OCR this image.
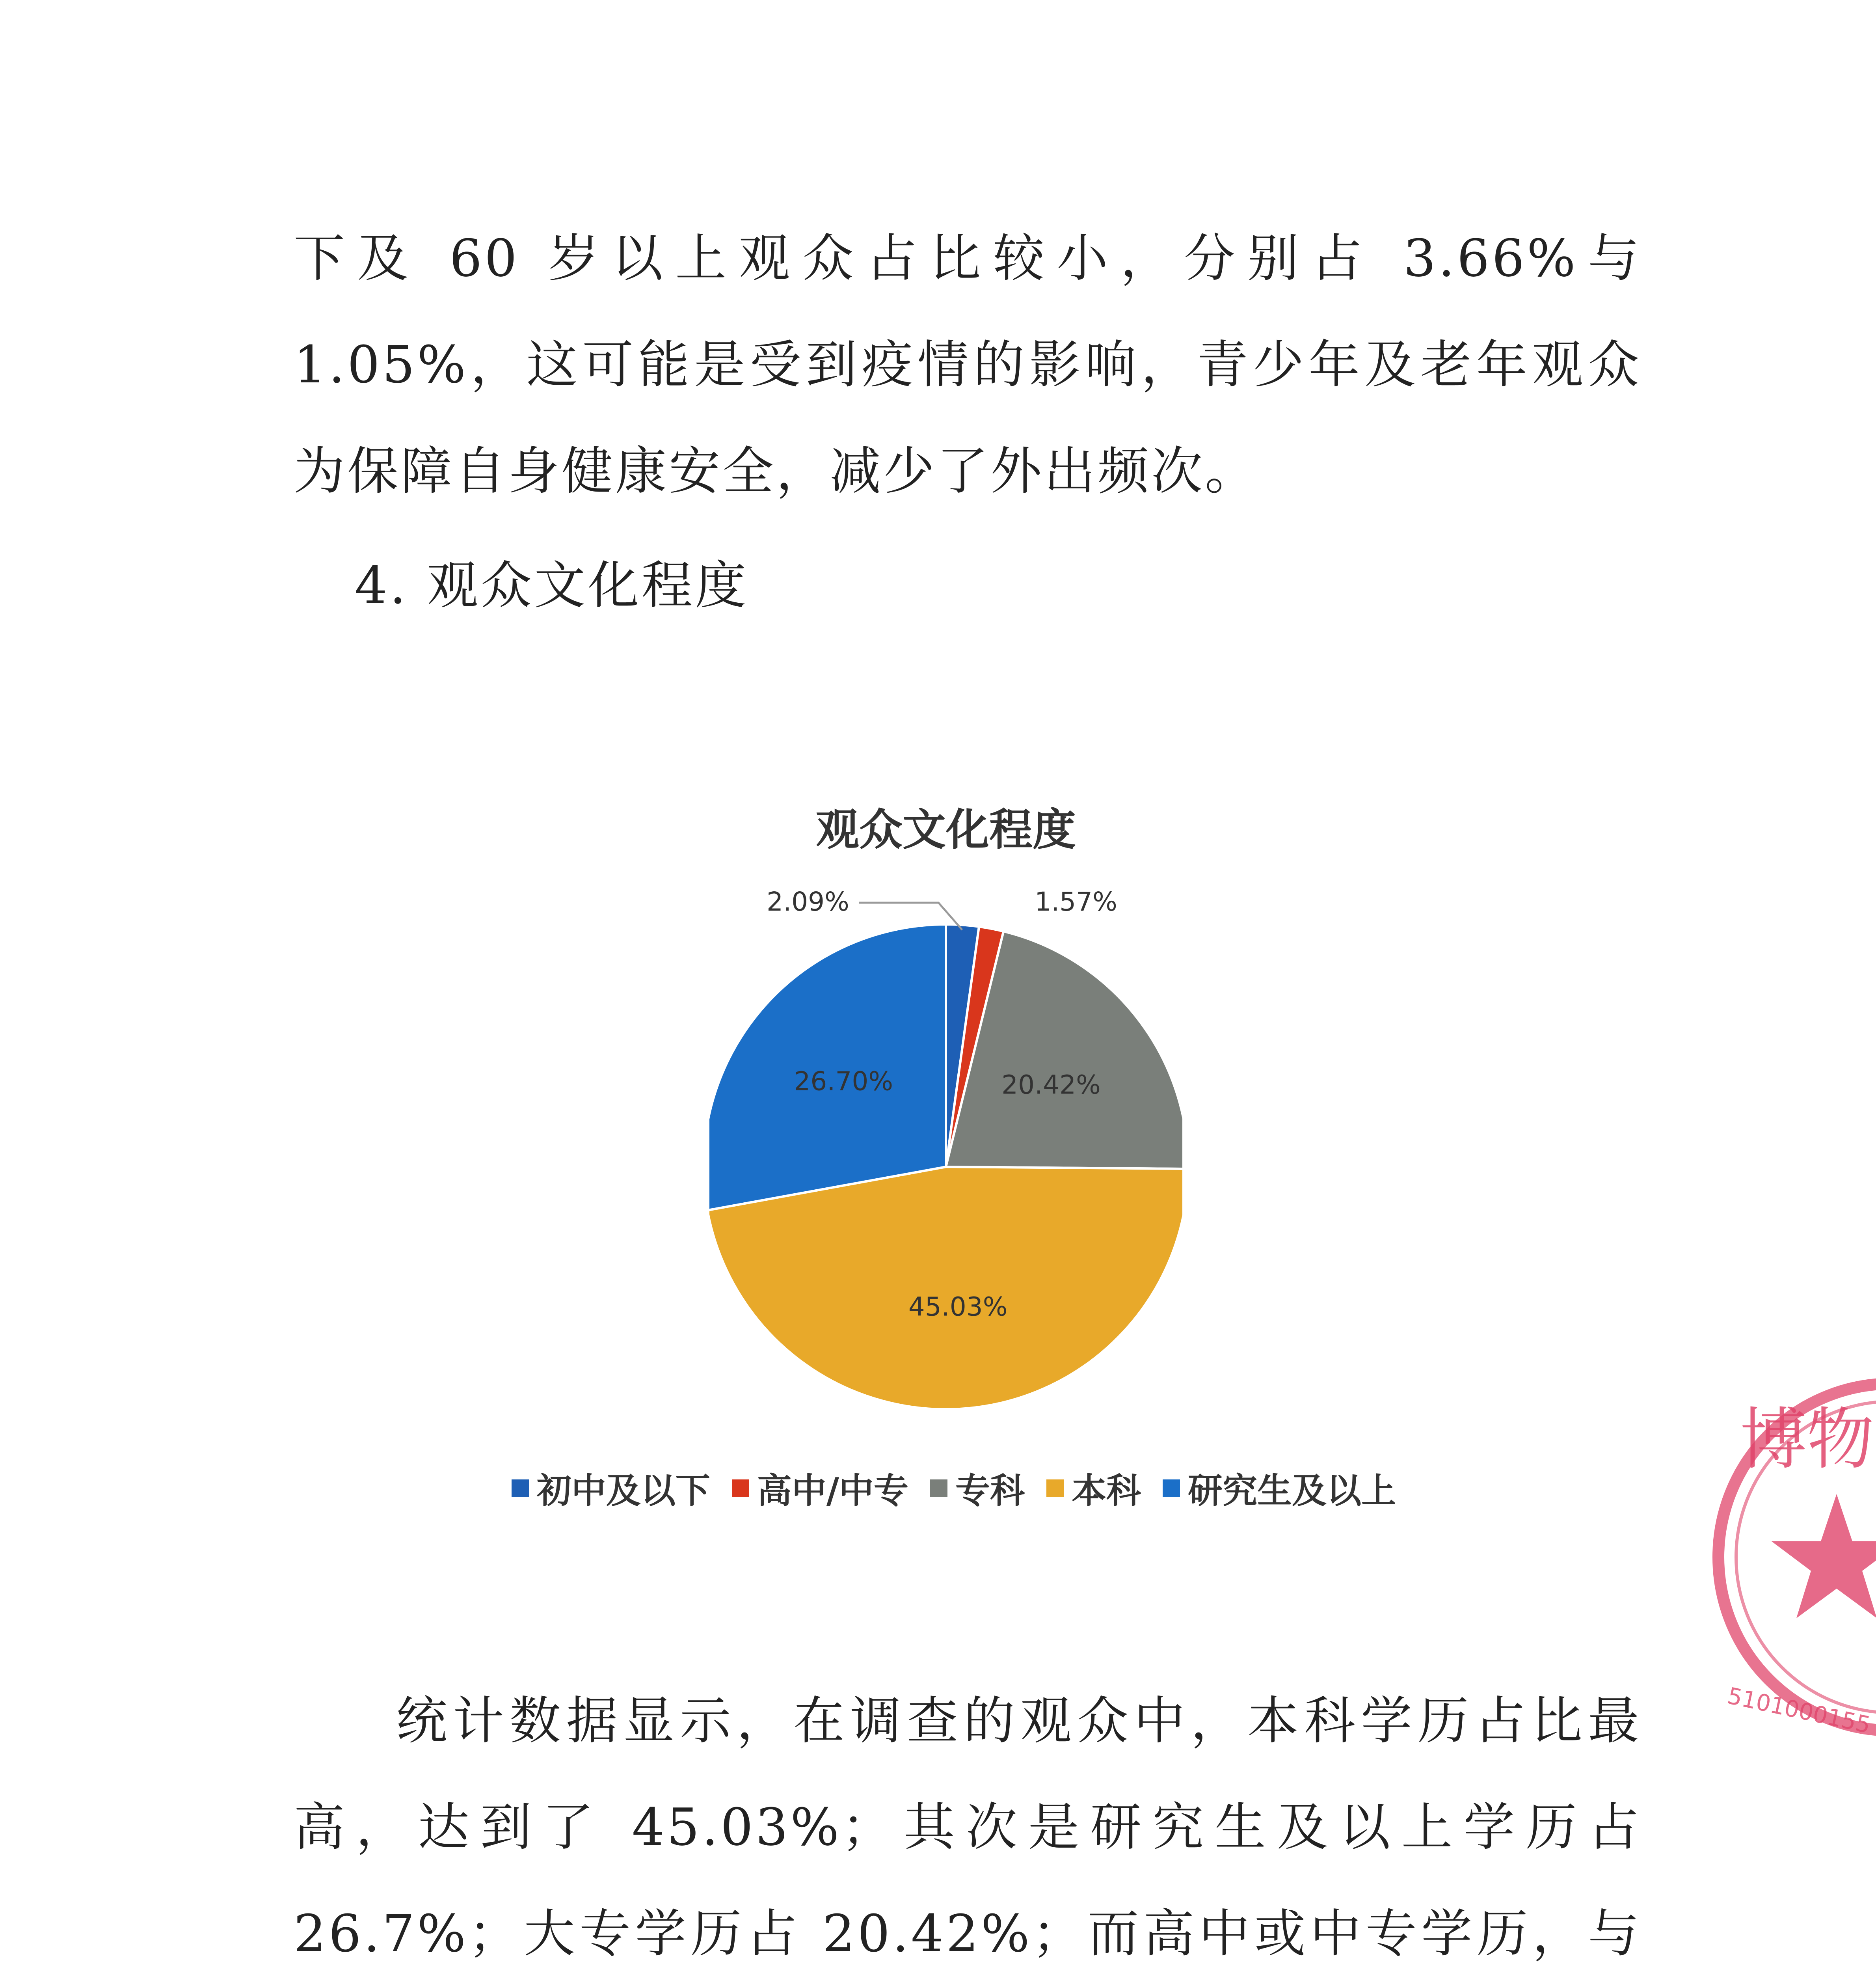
下及 60 岁以上观众占比较小，分别占 3.66%与 1.05%，这可能是受到疫情的影响，青少年及老年观众为保障自身健康安全，减少了外出频次。

4. 观众文化程度

观众文化程度

2.09%	1.57%
20.42%
45.03%
26.70%
初中及以下 高中/中专 专科 本科 研究生及以上

统计数据显示，在调查的观众中，本科学历占比最高，达到了 45.03%；其次是研究生及以上学历占 26.7%；大专学历占 20.42%；而高中或中专学历，与

博物
5101000155
